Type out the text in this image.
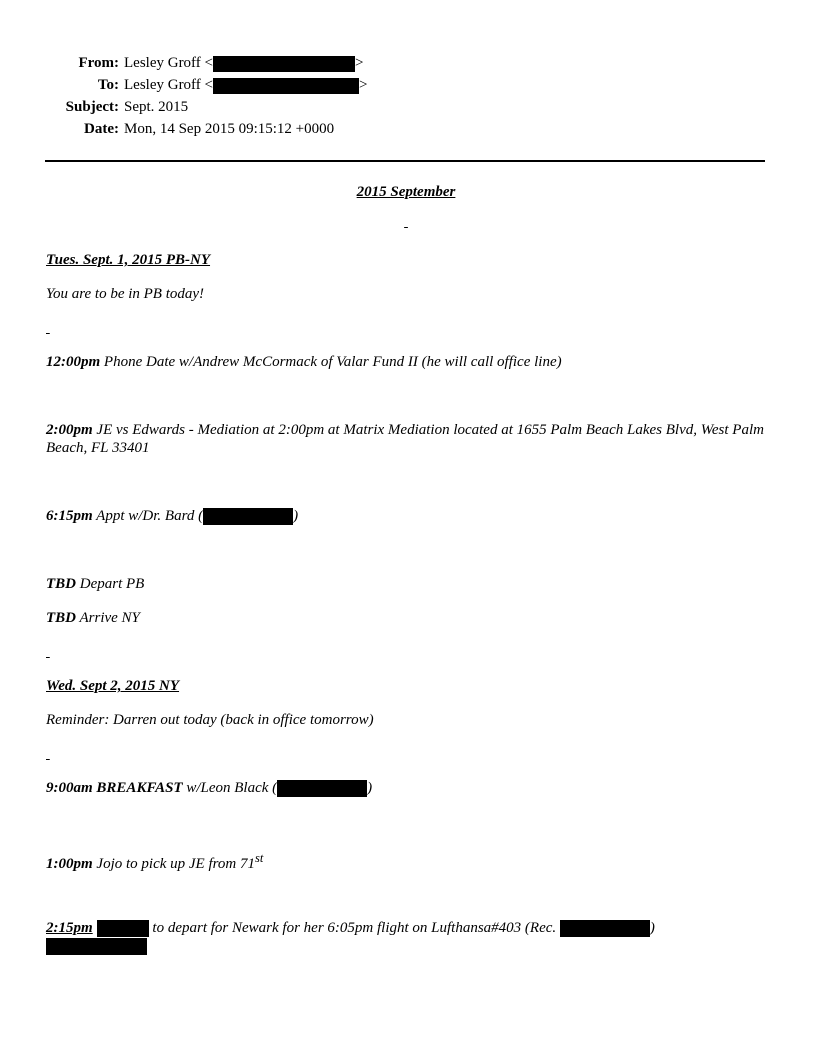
From: Lesley Groff <	>
To: Lesley Groff <	>
Subject: Sept. 2015
Date: Mon, 14 Sep 2015 09:15:12 +0000
2015 September

Tues. Sept. 1, 2015 PB-NY
You are to be in PB today!

12:00pm Phone Date w/Andrew McCormack of Valar Fund II (he will call office line)
2:00pm JE vs Edwards - Mediation at 2:00pm at Matrix Mediation located at 1655 Palm Beach Lakes Blvd, West Palm Beach, FL 33401
6:15pm Appt w/Dr. Bard (	)
TBD Depart PB
TBD Arrive NY

Wed. Sept 2, 2015 NY
Reminder: Darren out today (back in office tomorrow)

9:00am BREAKFAST w/Leon Black (	)
1:00pm Jojo to pick up JE from 71st
2:15pm	to depart for Newark for her 6:05pm flight on Lufthansa#403 (Rec.	)
